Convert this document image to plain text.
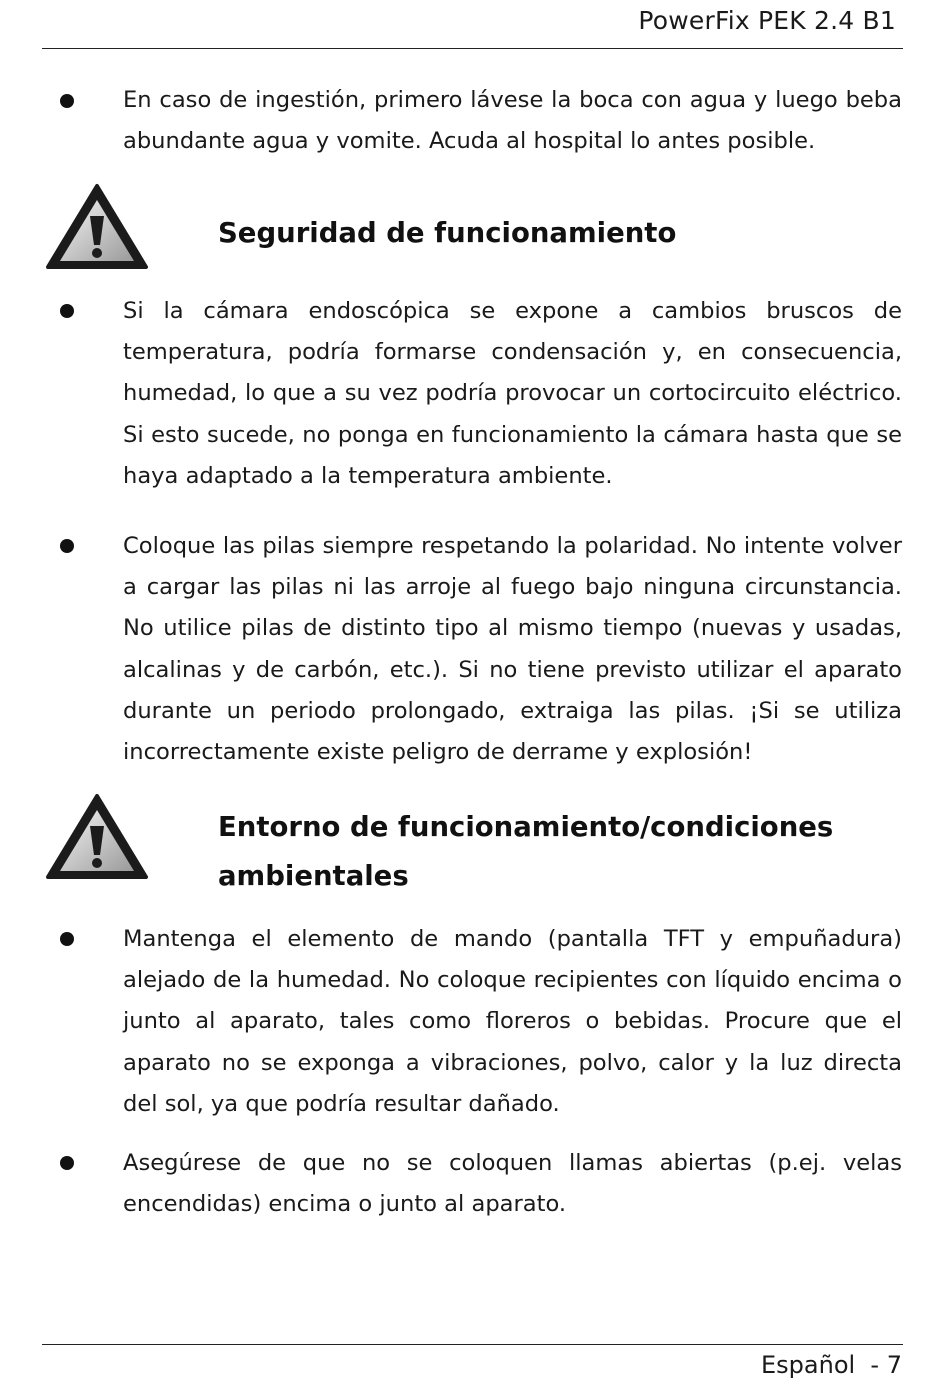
PowerFix PEK 2.4 B1
En caso de ingestión, primero lávese la boca con agua y luego beba abundante agua y vomite. Acuda al hospital lo antes posible.
Seguridad de funcionamiento
Si la cámara endoscópica se expone a cambios bruscos de temperatura, podría formarse condensación y, en consecuencia, humedad, lo que a su vez podría provocar un cortocircuito eléctrico. Si esto sucede, no ponga en funcionamiento la cámara hasta que se haya adaptado a la temperatura ambiente.
Coloque las pilas siempre respetando la polaridad. No intente volver a cargar las pilas ni las arroje al fuego bajo ninguna circunstancia. No utilice pilas de distinto tipo al mismo tiempo (nuevas y usadas, alcalinas y de carbón, etc.). Si no tiene previsto utilizar el aparato durante un periodo prolongado, extraiga las pilas. ¡Si se utiliza incorrectamente existe peligro de derrame y explosión!
Entorno de funcionamiento/condiciones ambientales
Mantenga el elemento de mando (pantalla TFT y empuñadura) alejado de la humedad. No coloque recipientes con líquido encima o junto al aparato, tales como floreros o bebidas. Procure que el aparato no se exponga a vibraciones, polvo, calor y la luz directa del sol, ya que podría resultar dañado.
Asegúrese de que no se coloquen llamas abiertas (p.ej. velas encendidas) encima o junto al aparato.
Español  - 7
